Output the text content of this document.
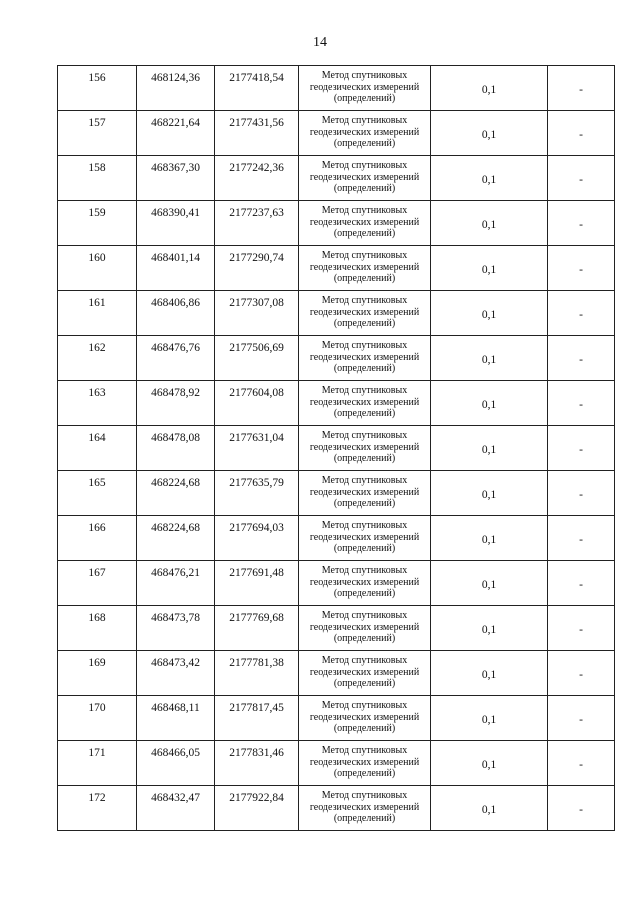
14
156	468124,36	2177418,54	Метод спутниковых геодезических измерений (определений)	0,1	-

157	468221,64	2177431,56	Метод спутниковых геодезических измерений (определений)	0,1	-

158	468367,30	2177242,36	Метод спутниковых геодезических измерений (определений)	0,1	-

159	468390,41	2177237,63	Метод спутниковых геодезических измерений (определений)	0,1	-

160	468401,14	2177290,74	Метод спутниковых геодезических измерений (определений)	0,1	-

161	468406,86	2177307,08	Метод спутниковых геодезических измерений (определений)	0,1	-

162	468476,76	2177506,69	Метод спутниковых геодезических измерений (определений)	0,1	-

163	468478,92	2177604,08	Метод спутниковых геодезических измерений (определений)	0,1	-

164	468478,08	2177631,04	Метод спутниковых геодезических измерений (определений)	0,1	-

165	468224,68	2177635,79	Метод спутниковых геодезических измерений (определений)	0,1	-

166	468224,68	2177694,03	Метод спутниковых геодезических измерений (определений)	0,1	-

167	468476,21	2177691,48	Метод спутниковых геодезических измерений (определений)	0,1	-

168	468473,78	2177769,68	Метод спутниковых геодезических измерений (определений)	0,1	-

169	468473,42	2177781,38	Метод спутниковых геодезических измерений (определений)	0,1	-

170	468468,11	2177817,45	Метод спутниковых геодезических измерений (определений)	0,1	-

171	468466,05	2177831,46	Метод спутниковых геодезических измерений (определений)	0,1	-

172	468432,47	2177922,84	Метод спутниковых геодезических измерений (определений)	0,1	-
